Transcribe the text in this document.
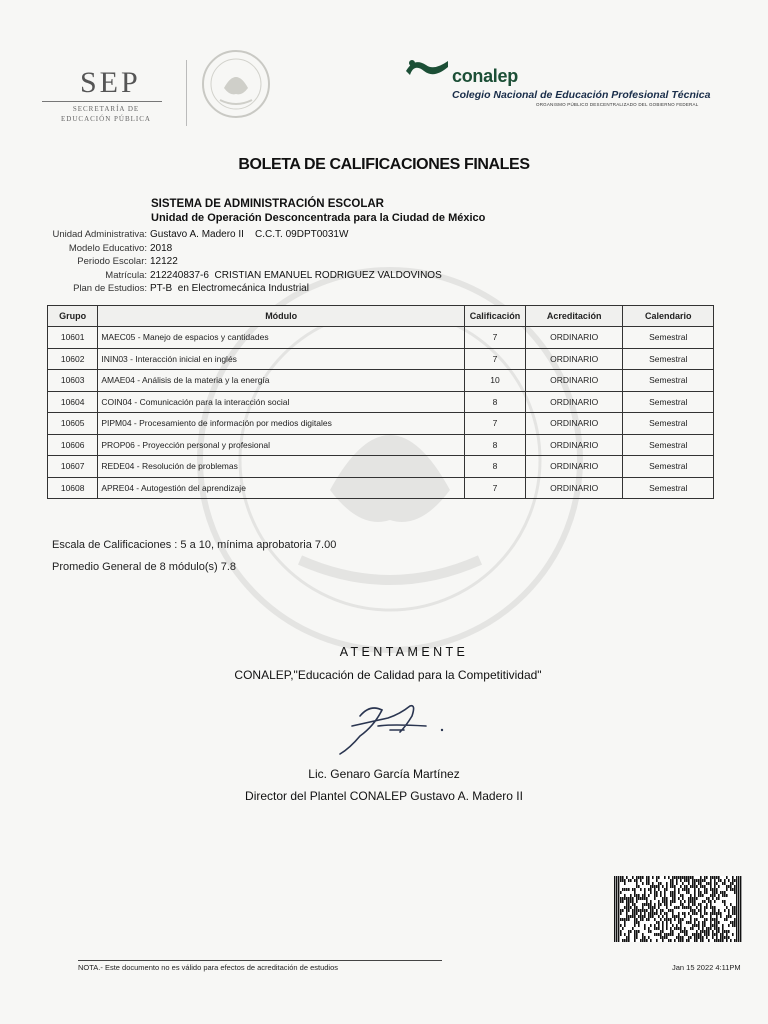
SEP
SECRETARÍA DE
EDUCACIÓN PÚBLICA
conalep
Colegio Nacional de Educación Profesional Técnica
ORGANISMO PÚBLICO DESCENTRALIZADO DEL GOBIERNO FEDERAL
BOLETA DE CALIFICACIONES FINALES
SISTEMA DE ADMINISTRACIÓN ESCOLAR
Unidad de Operación Desconcentrada para la Ciudad de México
Unidad Administrativa: Gustavo A. Madero II    C.C.T. 09DPT0031W
Modelo Educativo: 2018
Periodo Escolar: 12122
Matrícula: 212240837-6  CRISTIAN EMANUEL RODRIGUEZ VALDOVINOS
Plan de Estudios: PT-B  en Electromecánica Industrial
Grupo	Módulo	Calificación	Acreditación	Calendario
10601	MAEC05 - Manejo de espacios y cantidades	7	ORDINARIO	Semestral
10602	ININ03 - Interacción inicial en inglés	7	ORDINARIO	Semestral
10603	AMAE04 - Análisis de la materia y la energía	10	ORDINARIO	Semestral
10604	COIN04 - Comunicación para la interacción social	8	ORDINARIO	Semestral
10605	PIPM04 - Procesamiento de información por medios digitales	7	ORDINARIO	Semestral
10606	PROP06 - Proyección personal y profesional	8	ORDINARIO	Semestral
10607	REDE04 - Resolución de problemas	8	ORDINARIO	Semestral
10608	APRE04 - Autogestión del aprendizaje	7	ORDINARIO	Semestral
Escala de Calificaciones : 5 a 10, mínima aprobatoria 7.00
Promedio General de 8 módulo(s) 7.8
ATENTAMENTE
CONALEP,"Educación de Calidad para la Competitividad"
Lic. Genaro García Martínez
Director del Plantel CONALEP Gustavo A. Madero II
NOTA.- Este documento no es válido para efectos de acreditación de estudios	Jan 15 2022 4:11PM
